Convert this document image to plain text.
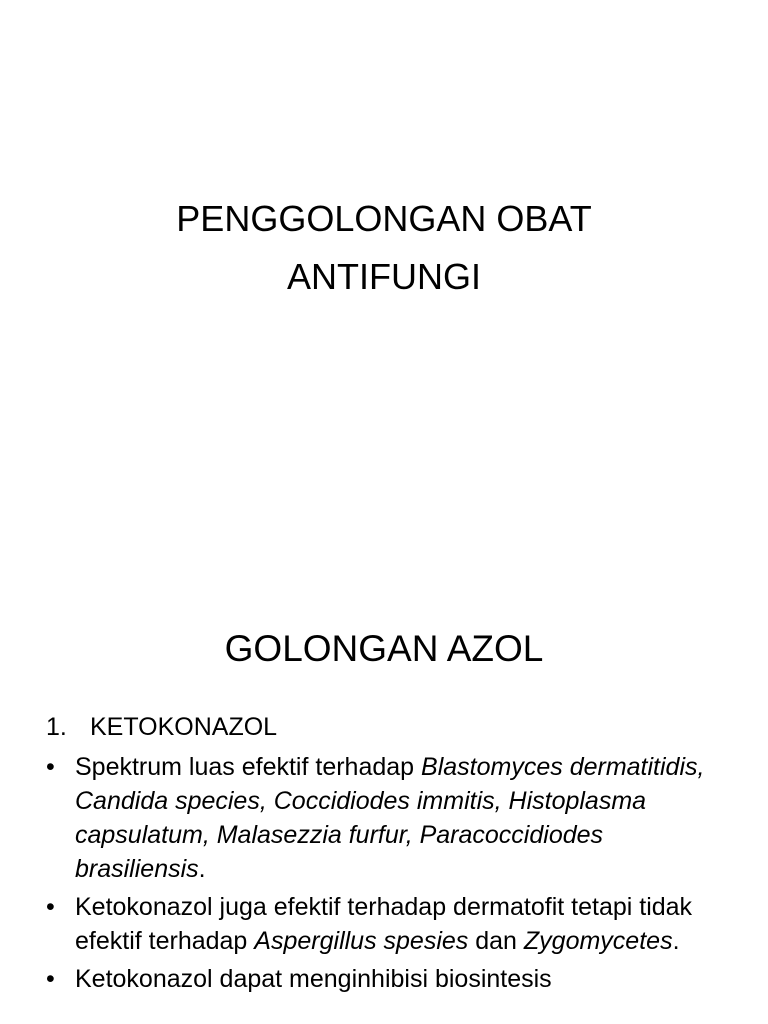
PENGGOLONGAN OBAT
ANTIFUNGI
GOLONGAN AZOL
1. KETOKONAZOL
• Spektrum luas efektif terhadap Blastomyces dermatitidis, Candida species, Coccidiodes immitis, Histoplasma capsulatum, Malasezzia furfur, Paracoccidiodes brasiliensis.
• Ketokonazol juga efektif terhadap dermatofit tetapi tidak efektif terhadap Aspergillus spesies dan Zygomycetes.
• Ketokonazol dapat menginhibisi biosintesis
